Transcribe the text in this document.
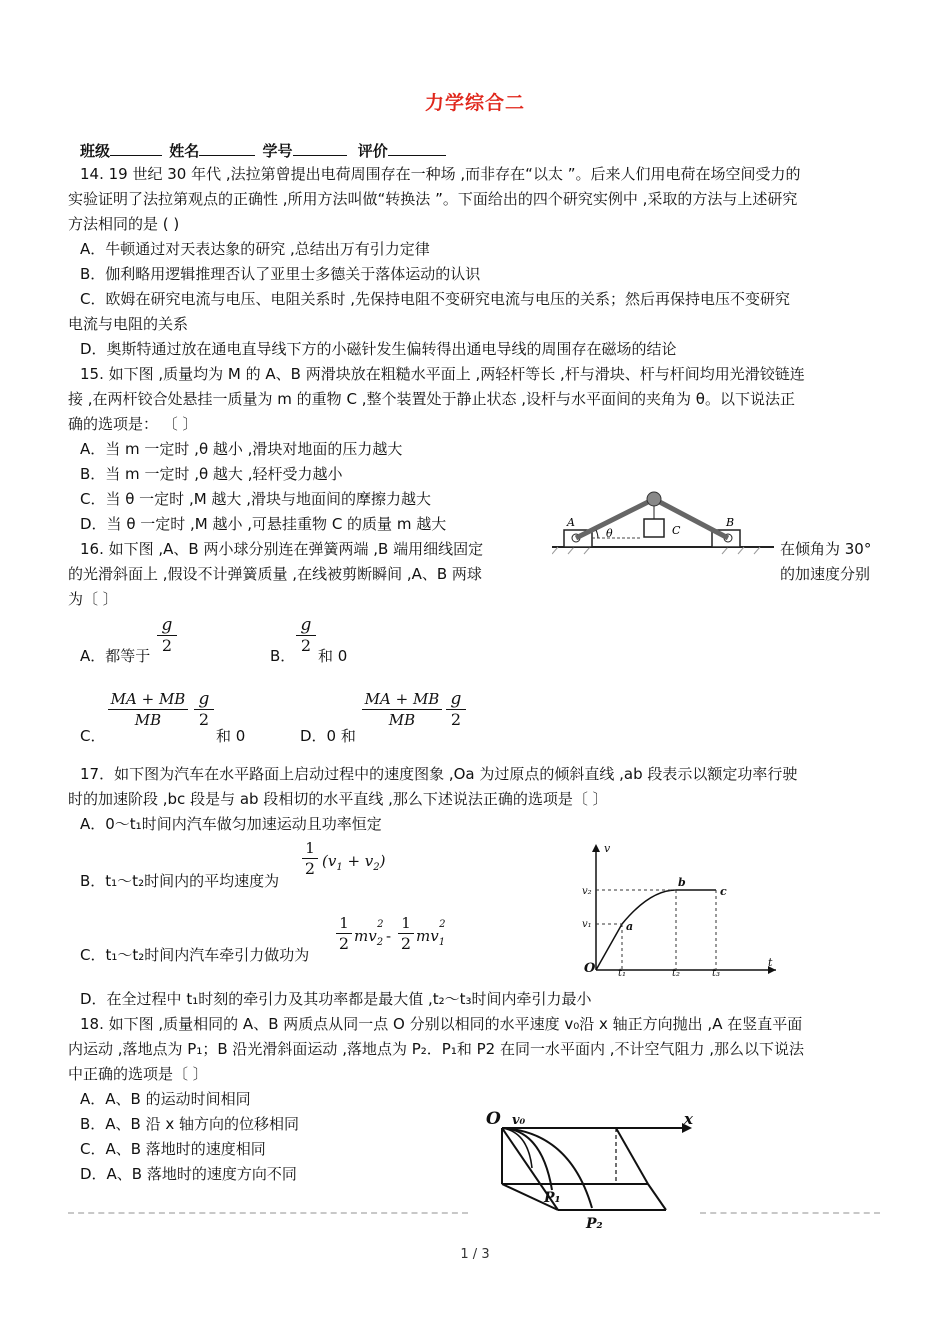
力学综合二
班级	姓名	学号	评价
14. 19 世纪 30 年代 ,法拉第曾提出电荷周围存在一种场 ,而非存在“以太 ”。后来人们用电荷在场空间受力的
实验证明了法拉第观点的正确性 ,所用方法叫做“转换法 ”。下面给出的四个研究实例中 ,采取的方法与上述研究
方法相同的是 ( )
A．牛顿通过对天表达象的研究 ,总结出万有引力定律
B．伽利略用逻辑推理否认了亚里士多德关于落体运动的认识
C．欧姆在研究电流与电压、电阻关系时 ,先保持电阻不变研究电流与电压的关系；然后再保持电压不变研究
电流与电阻的关系
D．奥斯特通过放在通电直导线下方的小磁针发生偏转得出通电导线的周围存在磁场的结论
15. 如下图 ,质量均为 M 的 A、B 两滑块放在粗糙水平面上 ,两轻杆等长 ,杆与滑块、杆与杆间均用光滑铰链连
接 ,在两杆铰合处悬挂一质量为 m 的重物 C ,整个装置处于静止状态 ,设杆与水平面间的夹角为 θ。以下说法正
确的选项是： 〔 〕
A．当 m 一定时 ,θ 越小 ,滑块对地面的压力越大
B．当 m 一定时 ,θ 越大 ,轻杆受力越小
C．当 θ 一定时 ,M 越大 ,滑块与地面间的摩擦力越大
D．当 θ 一定时 ,M 越小 ,可悬挂重物 C 的质量 m 越大	A	B
C
θ
16. 如下图 ,A、B 两小球分别连在弹簧两端 ,B 端用细线固定	在倾角为 30°
的光滑斜面上 ,假设不计弹簧质量 ,在线被剪断瞬间 ,A、B 两球	的加速度分别
为〔 〕
A．都等于
g
2
B．
g
2
和 0
C．
MA + MB
MB
g
2
和 0	D．0 和
MA + MB
MB
g
2
17．如下图为汽车在水平路面上启动过程中的速度图象 ,Oa 为过原点的倾斜直线 ,ab 段表示以额定功率行驶
时的加速阶段 ,bc 段是与 ab 段相切的水平直线 ,那么下述说法正确的选项是〔 〕
A．0～t₁时间内汽车做匀加速运动且功率恒定
B．t₁～t₂时间内的平均速度为
1
2 $(v_1 + v_2)$
C．t₁～t₂时间内汽车牵引力做功为
1
2 $mv_2^2$
-
1
2 $mv_1^2$
D．在全过程中 t₁时刻的牵引力及其功率都是最大值 ,t₂～t₃时间内牵引力最小
v
t
O
v₂
v₁	a
b
c
t₁	t₂	t₃
18. 如下图 ,质量相同的 A、B 两质点从同一点 O 分别以相同的水平速度 v₀沿 x 轴正方向抛出 ,A 在竖直平面
内运动 ,落地点为 P₁；B 沿光滑斜面运动 ,落地点为 P₂．P₁和 P2 在同一水平面内 ,不计空气阻力 ,那么以下说法
中正确的选项是〔 〕
A．A、B 的运动时间相同
B．A、B 沿 x 轴方向的位移相同
C．A、B 落地时的速度相同
D．A、B 落地时的速度方向不同
O v₀	x
P₁
P₂
1 / 3
